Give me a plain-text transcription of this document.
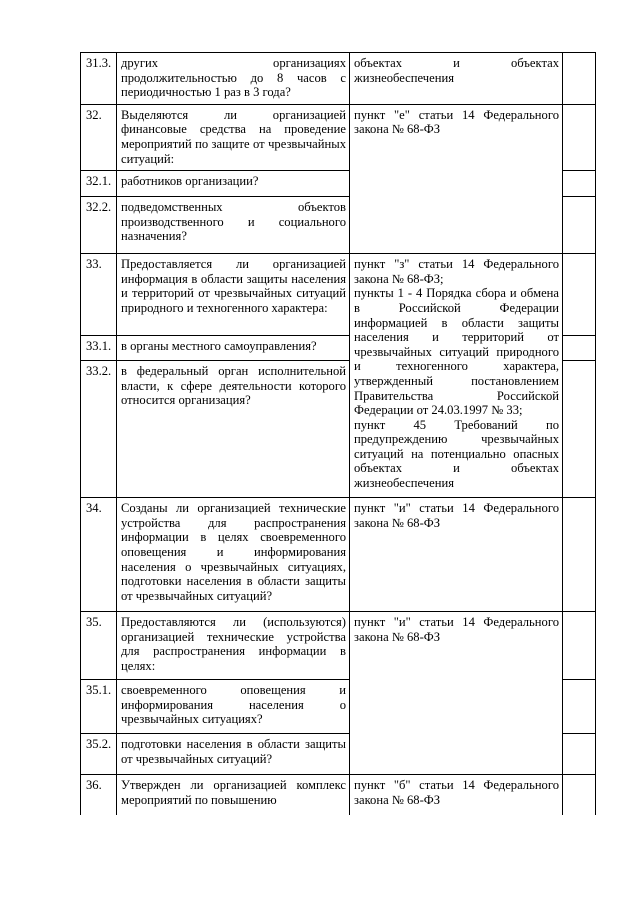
31.3.	других организациях продолжительностью до 8 часов с периодичностью 1 раз в 3 года?	объектах и объектах жизнеобеспечения	

32.	Выделяются ли организацией финансовые средства на проведение мероприятий по защите от чрезвычайных ситуаций:	пункт "е" статьи 14 Федерального закона № 68-ФЗ	

32.1.	работников организации?		
32.2.	подведомственных объектов производственного и социального назначения?		
33.	Предоставляется ли организацией информация в области защиты населения и территорий от чрезвычайных ситуаций природного и техногенного характера:	пункт "з" статьи 14 Федерального закона № 68-ФЗ;
пункты 1 - 4 Порядка сбора и обмена в Российской Федерации информацией в области защиты населения и территорий от чрезвычайных ситуаций природного и техногенного характера, утвержденный постановлением Правительства Российской Федерации от 24.03.1997 № 33;
пункт 45 Требований по предупреждению чрезвычайных ситуаций на потенциально опасных объектах и объектах жизнеобеспечения	

33.1.	в органы местного самоуправления?		
33.2.	в федеральный орган исполнительной власти, к сфере деятельности которого относится организация?		
34.	Созданы ли организацией технические устройства для распространения информации в целях своевременного оповещения и информирования населения о чрезвычайных ситуациях, подготовки населения в области защиты от чрезвычайных ситуаций?	пункт "и" статьи 14 Федерального закона № 68-ФЗ	

35.	Предоставляются ли (используются) организацией технические устройства для распространения информации в целях:	пункт "и" статьи 14 Федерального закона № 68-ФЗ	

35.1.	своевременного оповещения и информирования населения о чрезвычайных ситуациях?		
35.2.	подготовки населения в области защиты от чрезвычайных ситуаций?		
36.	Утвержден ли организацией комплекс мероприятий по повышению	пункт "б" статьи 14 Федерального закона № 68-ФЗ	
